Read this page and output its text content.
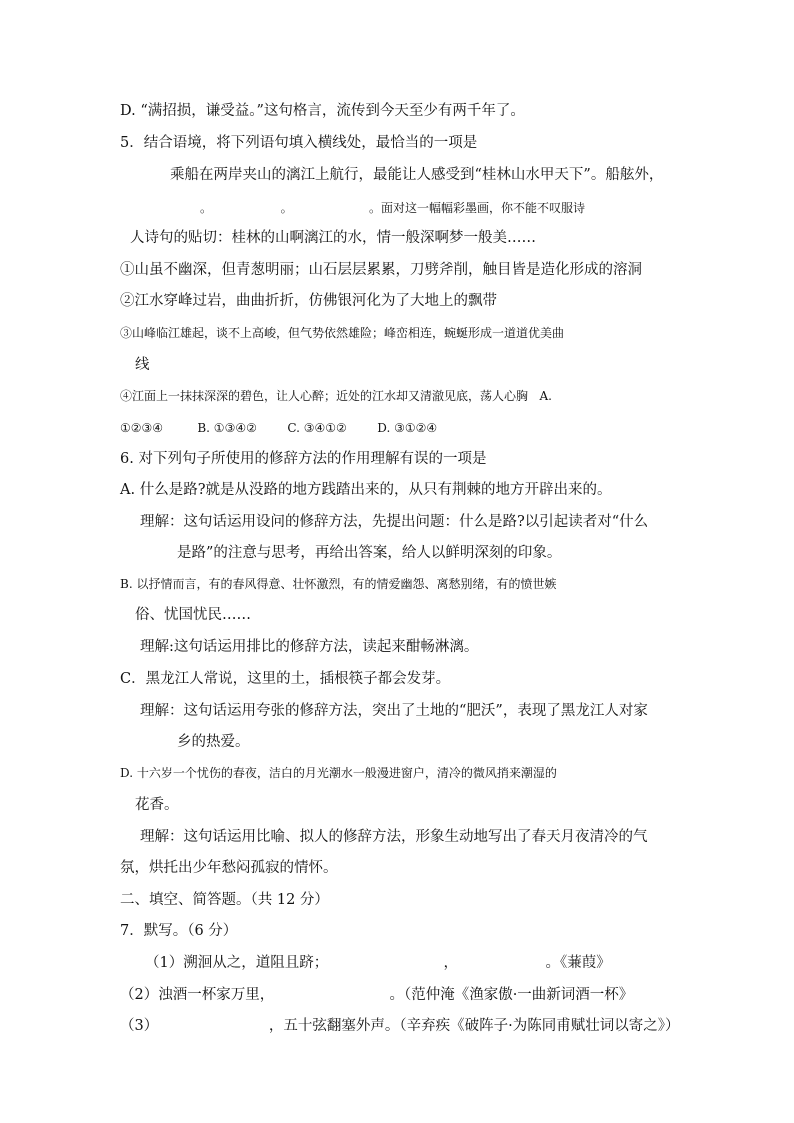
D. “满招损，谦受益。”这句格言，流传到今天至少有两千年了。
5．结合语境，将下列语句填入横线处，最恰当的一项是
乘船在两岸夹山的漓江上航行，最能让人感受到“桂林山水甲天下”。船舷外，
。                  。                    。面对这一幅幅彩墨画，你不能不叹服诗
人诗句的贴切：桂林的山啊漓江的水，情一般深啊梦一般美……
①山虽不幽深，但青葱明丽；山石层层累累，刀劈斧削，触目皆是造化形成的溶洞
②江水穿峰过岩，曲曲折折，仿佛银河化为了大地上的飘带
③山峰临江雄起，谈不上高峻，但气势依然雄险；峰峦相连，蜿蜒形成一道道优美曲
线
④江面上一抹抹深深的碧色，让人心醉；近处的江水却又清澈见底，荡人心胸   A.
①②③④         B. ①③④②        C. ③④①②        D. ③①②④
6. 对下列句子所使用的修辞方法的作用理解有误的一项是
A. 什么是路?就是从没路的地方践踏出来的，从只有荆棘的地方开辟出来的。
理解：这句话运用设问的修辞方法，先提出问题：什么是路?以引起读者对“什么
是路”的注意与思考，再给出答案，给人以鲜明深刻的印象。
B. 以抒情而言，有的春风得意、壮怀激烈，有的情爱幽怨、离愁别绪，有的愤世嫉
俗、忧国忧民……
理解:这句话运用排比的修辞方法，读起来酣畅淋漓。
C．黑龙江人常说，这里的土，插根筷子都会发芽。
理解：这句话运用夸张的修辞方法，突出了土地的“肥沃”，表现了黑龙江人对家
乡的热爱。
D. 十六岁一个忧伤的春夜，洁白的月光潮水一般漫进窗户，清冷的微风捎来潮湿的
花香。
理解：这句话运用比喻、拟人的修辞方法，形象生动地写出了春天月夜清冷的气
氛，烘托出少年愁闷孤寂的情怀。
二、填空、简答题。（共 12 分）
7．默写。（6 分）
（1）溯洄从之，道阻且跻；                         ，                   。《蒹葭》
（2）浊酒一杯家万里，                         。（范仲淹《渔家傲·一曲新词酒一杯》
（3）                        ，五十弦翻塞外声。（辛弃疾《破阵子·为陈同甫赋壮词以寄之》）
